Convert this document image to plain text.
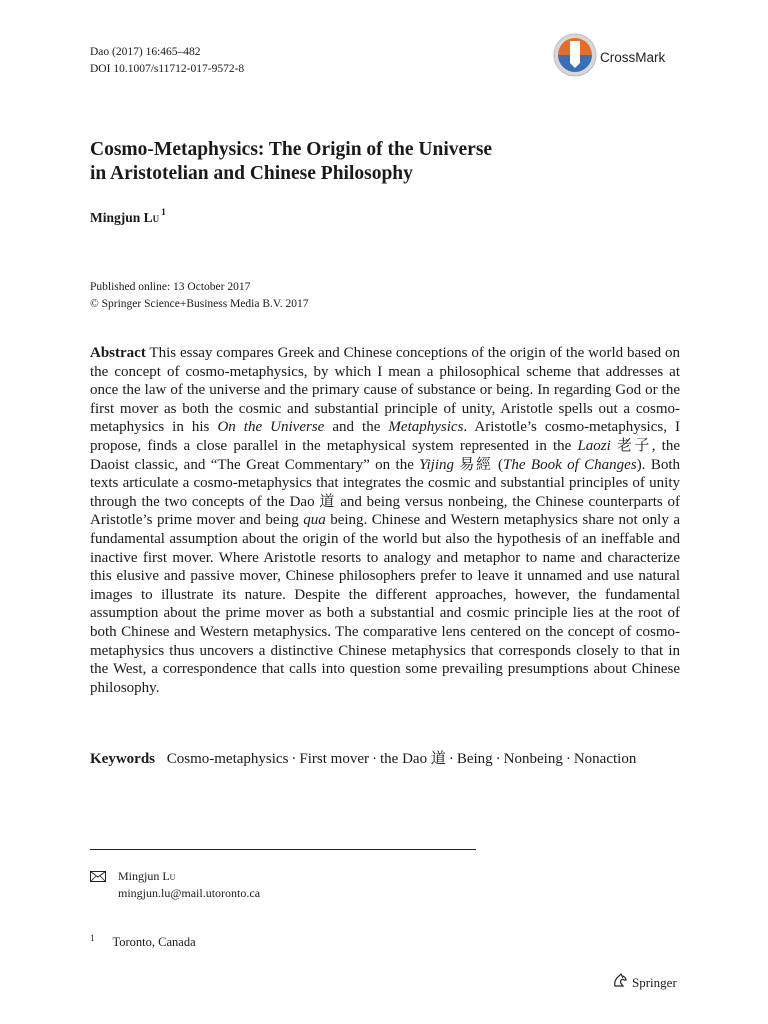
Dao (2017) 16:465–482
DOI 10.1007/s11712-017-9572-8
CrossMark
Cosmo-Metaphysics: The Origin of the Universe
in Aristotelian and Chinese Philosophy
Mingjun Lu $^1$
Published online: 13 October 2017
© Springer Science+Business Media B.V. 2017

Abstract This essay compares Greek and Chinese conceptions of the origin of the world based on the concept of cosmo-metaphysics, by which I mean a philosophical scheme that addresses at once the law of the universe and the primary cause of substance or being. In regarding God or the first mover as both the cosmic and substantial principle of unity, Aristotle spells out a cosmo-metaphysics in his On the Universe and the Metaphysics. Aristotle’s cosmo-metaphysics, I propose, finds a close parallel in the metaphysical system represented in the Laozi 老子, the Daoist classic, and “The Great Commentary” on the Yijing 易經 (The Book of Changes). Both texts articulate a cosmo-metaphysics that integrates the cosmic and substantial principles of unity through the two concepts of the Dao 道 and being versus nonbeing, the Chinese counterparts of Aristotle’s prime mover and being qua being. Chinese and Western metaphysics share not only a fundamental assumption about the origin of the world but also the hypothesis of an ineffable and inactive first mover. Where Aristotle resorts to analogy and metaphor to name and characterize this elusive and passive mover, Chinese philosophers prefer to leave it unnamed and use natural images to illustrate its nature. Despite the different approaches, however, the fundamental assumption about the prime mover as both a substantial and cosmic principle lies at the root of both Chinese and Western metaphysics. The comparative lens centered on the concept of cosmo-metaphysics thus uncovers a distinctive Chinese metaphysics that corresponds closely to that in the West, a correspondence that calls into question some prevailing presumptions about Chinese philosophy.

Keywords Cosmo-metaphysics · First mover · the Dao 道 · Being · Nonbeing · Nonaction
Mingjun Lu
mingjun.lu@mail.utoronto.ca
$^1$ Toronto, Canada
Springer
